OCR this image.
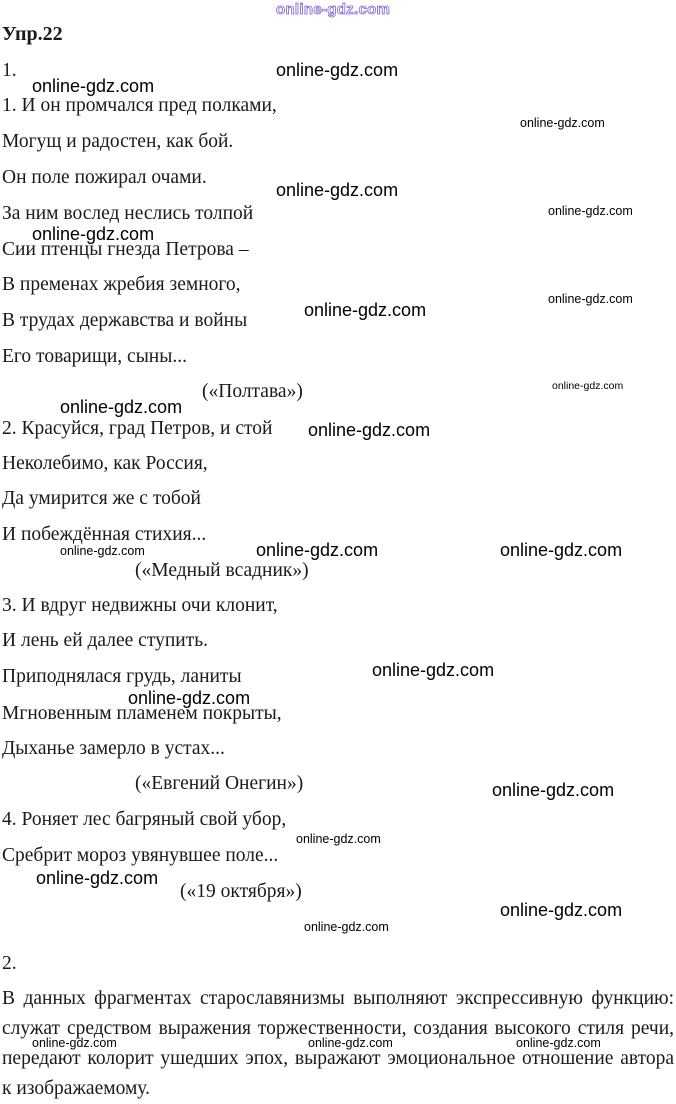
online-gdz.com
Упр.22
1.
1. И он промчался пред полками,
Могущ и радостен, как бой.
Он поле пожирал очами.
За ним вослед неслись толпой
Сии птенцы гнезда Петрова –
В пременах жребия земного,
В трудах державства и войны
Его товарищи, сыны...
(«Полтава»)
2. Красуйся, град Петров, и стой
Неколебимо, как Россия,
Да умирится же с тобой
И побеждённая стихия...
(«Медный всадник»)
3. И вдруг недвижны очи клонит,
И лень ей далее ступить.
Приподнялася грудь, ланиты
Мгновенным пламенем покрыты,
Дыханье замерло в устах...
(«Евгений Онегин»)
4. Роняет лес багряный свой убор,
Сребрит мороз увянувшее поле...
(«19 октября»)
2.
В данных фрагментах старославянизмы выполняют экспрессивную функцию: служат средством выражения торжественности, создания высокого стиля речи, передают колорит ушедших эпох, выражают эмоциональное отношение автора к изображаемому.
online-gdz.com
online-gdz.com
online-gdz.com
online-gdz.com
online-gdz.com
online-gdz.com
online-gdz.com
online-gdz.com
online-gdz.com
online-gdz.com
online-gdz.com
online-gdz.com	online-gdz.com	online-gdz.com
online-gdz.com
online-gdz.com
online-gdz.com
online-gdz.com
online-gdz.com
online-gdz.com
online-gdz.com
online-gdz.com	online-gdz.com	online-gdz.com
